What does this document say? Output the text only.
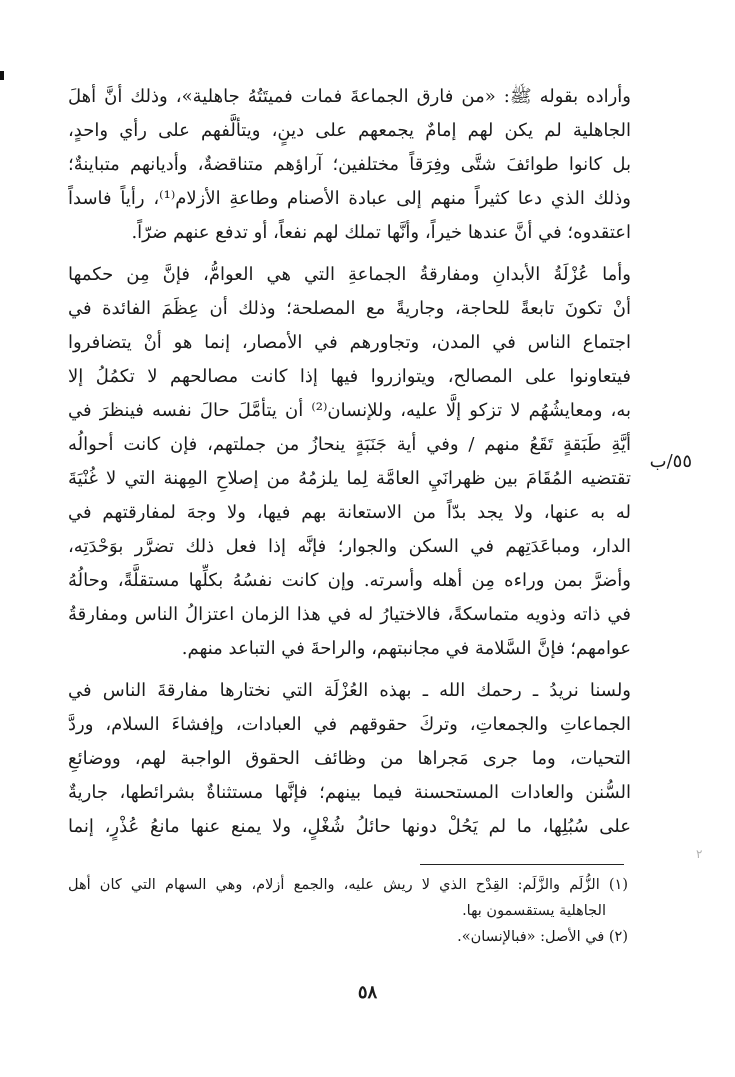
وأراده بقوله ﷺ: «من فارق الجماعةَ فمات فميتَتُهُ جاهلية»، وذلك أنَّ أهلَ
الجاهلية لم يكن لهم إمامٌ يجمعهم على دينٍ، ويتألَّفهم على رأي واحدٍ،
بل كانوا طوائفَ شتَّى وفِرَقاً مختلفين؛ آراؤهم متناقضةٌ، وأديانهم متباينةٌ؛
وذلك الذي دعا كثيراً منهم إلى عبادة الأصنام وطاعةِ الأزلام⁽¹⁾، رأياً فاسداً
اعتقدوه؛ في أنَّ عندها خيراً، وأنَّها تملك لهم نفعاً، أو تدفع عنهم ضرّاً.
وأما عُزْلَةُ الأبدانِ ومفارقةُ الجماعةِ التي هي العوامُّ، فإنَّ مِن حكمها
أنْ تكونَ تابعةً للحاجة، وجاريةً مع المصلحة؛ وذلك أن عِظَمَ الفائدة في
اجتماع الناس في المدن، وتجاورهم في الأمصار، إنما هو أنْ يتضافروا
فيتعاونوا على المصالح، ويتوازروا فيها إذا كانت مصالحهم لا تكمُلُ إلا
به، ومعايشُهُم لا تزكو إلَّا عليه، وللإنسان⁽²⁾ أن يتأمَّلَ حالَ نفسه فينظرَ في
أيَّةِ طَبَقةٍ تَقَعُ منهم / وفي أية جَنَبَةٍ ينحازُ من جملتهم، فإن كانت أحوالُه
تقتضيه المُقَامَ بين ظهرانَيِ العامَّة لِما يلزمُهُ من إصلاحِ المِهنة التي لا غُنْيَةَ
له به عنها، ولا يجد بدّاً من الاستعانة بهم فيها، ولا وجهَ لمفارقتهم في
الدار، ومباعَدَتِهم في السكن والجوار؛ فإنَّه إذا فعل ذلك تضرَّر بوَحْدَتِه،
وأضرَّ بمن وراءه مِن أهله وأسرته. وإن كانت نفسُهُ بكلِّها مستقلَّةً، وحالُهُ
في ذاته وذويه متماسكةً، فالاختيارُ له في هذا الزمان اعتزالُ الناس ومفارقةُ
عوامهم؛ فإنَّ السَّلامة في مجانبتهم، والراحةَ في التباعد منهم.
ولسنا نريدُ ـ رحمك الله ـ بهذه العُزْلَة التي نختارها مفارقةَ الناس في
الجماعاتِ والجمعاتِ، وتركَ حقوقهم في العبادات، وإفشاءَ السلام، وردَّ
التحيات، وما جرى مَجراها من وظائف الحقوق الواجبة لهم، ووضائعِ
السُّنن والعادات المستحسنة فيما بينهم؛ فإنَّها مستثناةٌ بشرائطها، جاريةٌ
على سُبُلِها، ما لم يَحُلْ دونها حائلُ شُغْلٍ، ولا يمنع عنها مانعُ عُذْرٍ، إنما
٥٥/ب
٢
(١) الزُّلَم والزَّلَم: القِدْح الذي لا ريش عليه، والجمع أزلام، وهي السهام التي كان أهل
الجاهلية يستقسمون بها.
(٢) في الأصل: «فبالإنسان».
٥٨
